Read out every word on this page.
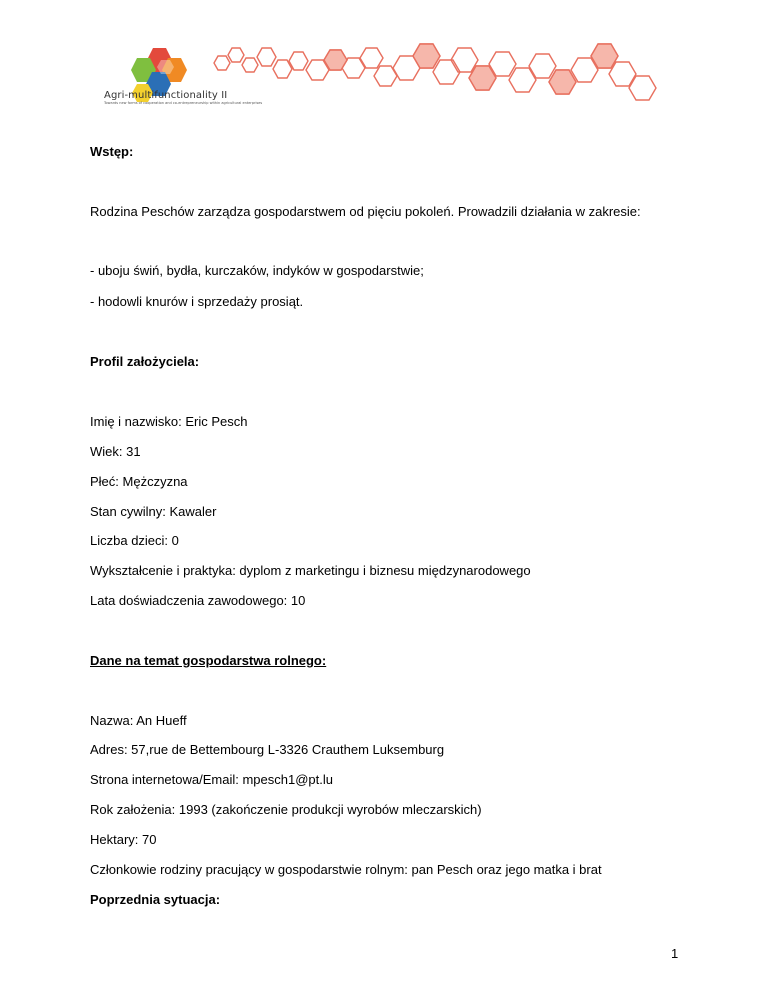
Agri-multifunctionality II
Towards new forms of cooperation and co-entrepreneurship within agricultural enterprises
Wstęp:
Rodzina Peschów zarządza gospodarstwem od pięciu pokoleń. Prowadzili działania w zakresie:
- uboju świń, bydła, kurczaków, indyków w gospodarstwie;
- hodowli knurów i sprzedaży prosiąt.
Profil założyciela:
Imię i nazwisko: Eric Pesch
Wiek: 31
Płeć: Mężczyzna
Stan cywilny: Kawaler
Liczba dzieci: 0
Wykształcenie i praktyka: dyplom z marketingu i biznesu międzynarodowego
Lata doświadczenia zawodowego: 10
Dane na temat gospodarstwa rolnego:
Nazwa: An Hueff
Adres: 57,rue de Bettembourg L-3326 Crauthem Luksemburg
Strona internetowa/Email: mpesch1@pt.lu
Rok założenia: 1993 (zakończenie produkcji wyrobów mleczarskich)
Hektary: 70
Członkowie rodziny pracujący w gospodarstwie rolnym: pan Pesch oraz jego matka i brat
Poprzednia sytuacja:
1
